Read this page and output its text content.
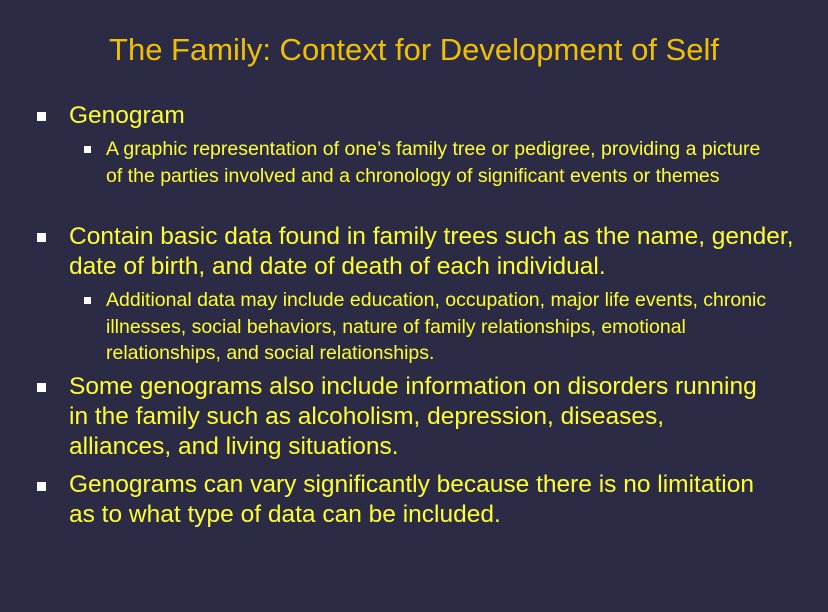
The Family: Context for Development of Self

Genogram

A graphic representation of one’s family tree or pedigree, providing a picture of the parties involved and a chronology of significant events or themes

Contain basic data found in family trees such as the name, gender, date of birth, and date of death of each individual.

Additional data may include education, occupation, major life events, chronic illnesses, social behaviors, nature of family relationships, emotional relationships, and social relationships.

Some genograms also include information on disorders running in the family such as alcoholism, depression, diseases, alliances, and living situations.

Genograms can vary significantly because there is no limitation as to what type of data can be included.
